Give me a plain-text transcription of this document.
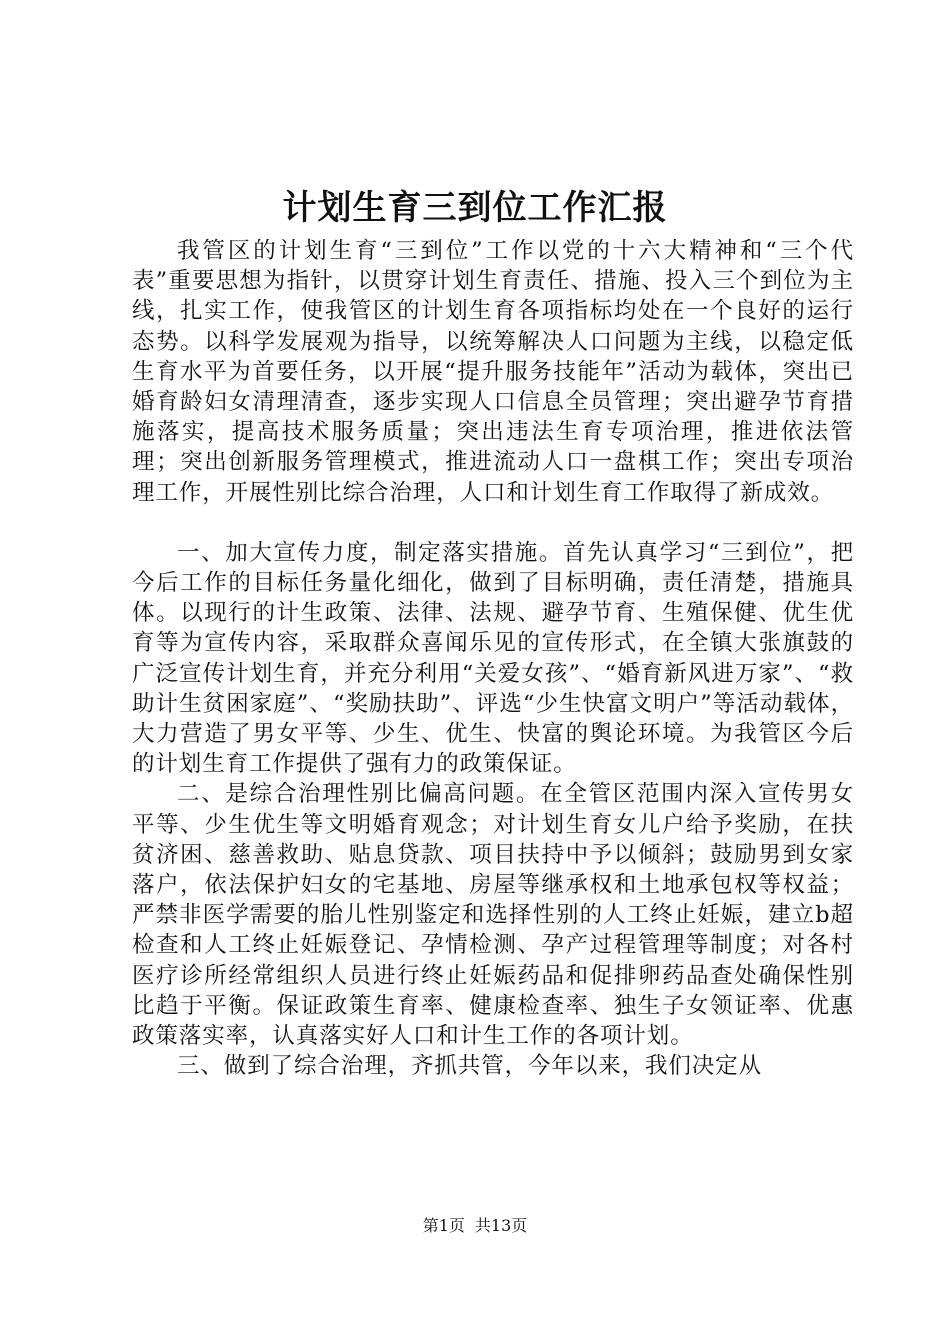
计划生育三到位工作汇报

我管区的计划生育“三到位”工作以党的十六大精神和“三个代表”重要思想为指针，以贯穿计划生育责任、措施、投入三个到位为主线，扎实工作，使我管区的计划生育各项指标均处在一个良好的运行态势。以科学发展观为指导，以统筹解决人口问题为主线，以稳定低生育水平为首要任务，以开展“提升服务技能年”活动为载体，突出已婚育龄妇女清理清查，逐步实现人口信息全员管理；突出避孕节育措施落实，提高技术服务质量；突出违法生育专项治理，推进依法管理；突出创新服务管理模式，推进流动人口一盘棋工作；突出专项治理工作，开展性别比综合治理，人口和计划生育工作取得了新成效。

一、加大宣传力度，制定落实措施。首先认真学习“三到位”，把今后工作的目标任务量化细化，做到了目标明确，责任清楚，措施具体。以现行的计生政策、法律、法规、避孕节育、生殖保健、优生优育等为宣传内容，采取群众喜闻乐见的宣传形式，在全镇大张旗鼓的广泛宣传计划生育，并充分利用“关爱女孩”、“婚育新风进万家”、“救助计生贫困家庭”、“奖励扶助”、评选“少生快富文明户”等活动载体，大力营造了男女平等、少生、优生、快富的舆论环境。为我管区今后的计划生育工作提供了强有力的政策保证。

二、是综合治理性别比偏高问题。在全管区范围内深入宣传男女平等、少生优生等文明婚育观念；对计划生育女儿户给予奖励，在扶贫济困、慈善救助、贴息贷款、项目扶持中予以倾斜；鼓励男到女家落户，依法保护妇女的宅基地、房屋等继承权和土地承包权等权益；严禁非医学需要的胎儿性别鉴定和选择性别的人工终止妊娠，建立b超检查和人工终止妊娠登记、孕情检测、孕产过程管理等制度；对各村医疗诊所经常组织人员进行终止妊娠药品和促排卵药品查处确保性别比趋于平衡。保证政策生育率、健康检查率、独生子女领证率、优惠政策落实率，认真落实好人口和计生工作的各项计划。

三、做到了综合治理，齐抓共管，今年以来，我们决定从

第1页 共13页
